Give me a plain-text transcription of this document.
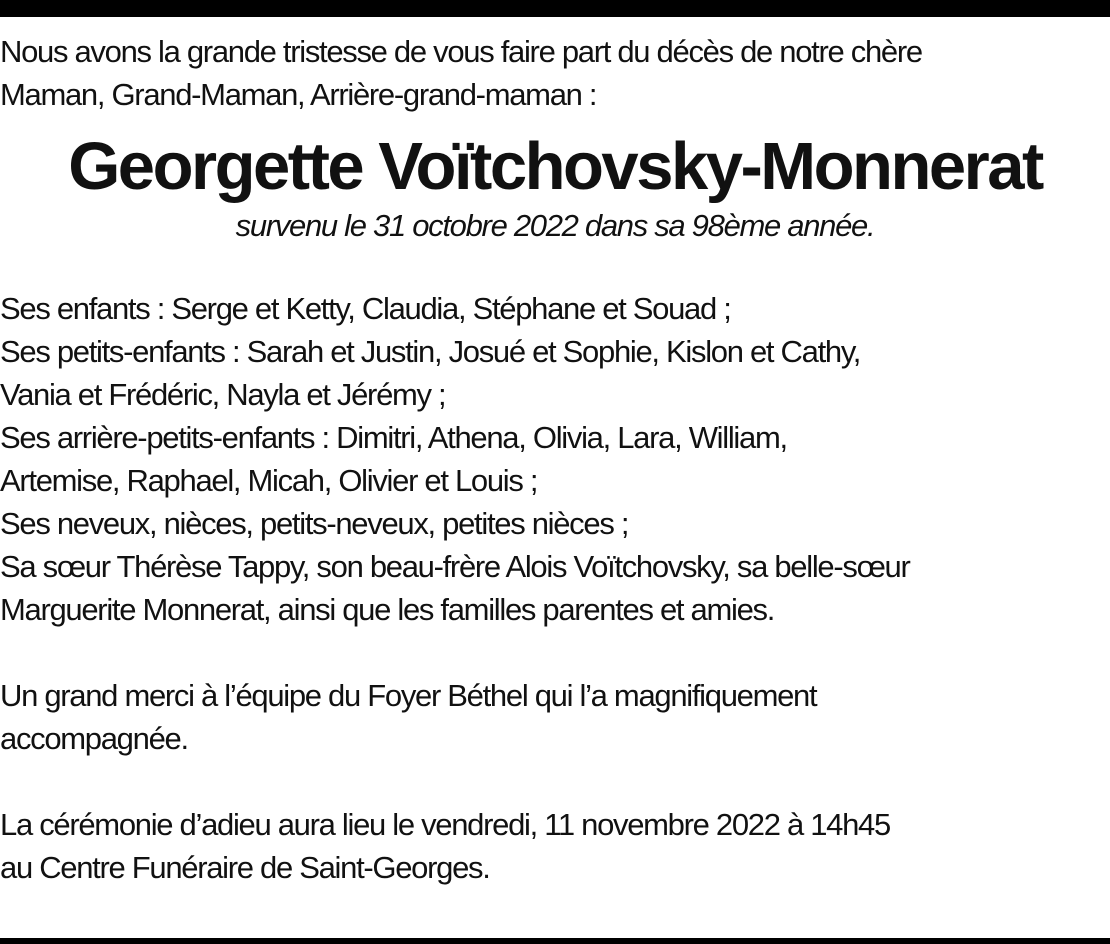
Nous avons la grande tristesse de vous faire part du décès de notre chère

Maman, Grand-Maman, Arrière-grand-maman :

Georgette Voïtchovsky-Monnerat

survenu le 31 octobre 2022 dans sa 98ème année.

Ses enfants : Serge et Ketty, Claudia, Stéphane et Souad ;

Ses petits-enfants : Sarah et Justin, Josué et Sophie, Kislon et Cathy,

Vania et Frédéric, Nayla et Jérémy ;

Ses arrière-petits-enfants : Dimitri, Athena, Olivia, Lara, William,

Artemise, Raphael, Micah, Olivier et Louis ;

Ses neveux, nièces, petits-neveux, petites nièces ;

Sa sœur Thérèse Tappy, son beau-frère Alois Voïtchovsky, sa belle-sœur

Marguerite Monnerat, ainsi que les familles parentes et amies.

Un grand merci à l’équipe du Foyer Béthel qui l’a magnifiquement

accompagnée.

La cérémonie d’adieu aura lieu le vendredi, 11 novembre 2022 à 14h45

au Centre Funéraire de Saint-Georges.
